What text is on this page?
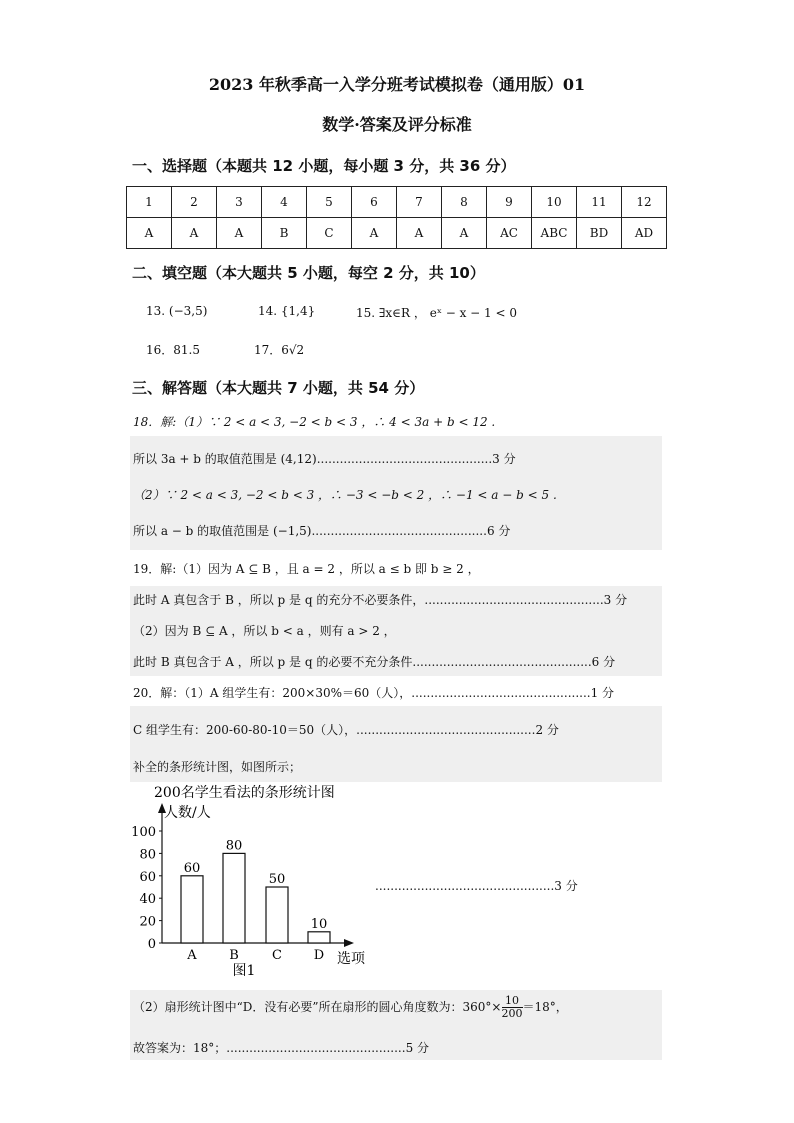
2023 年秋季高一入学分班考试模拟卷（通用版）01
数学·答案及评分标准
一、选择题（本题共 12 小题，每小题 3 分，共 36 分）
1	2	3	4	5	6	7	8	9	10	11	12
A	A	A	B	C	A	A	A	AC	ABC	BD	AD
二、填空题（本大题共 5 小题，每空 2 分，共 10）
13. (−3,5)	14. {1,4}	15. ∃x∈R ， eˣ − x − 1 < 0
16．81.5	17．6√2
三、解答题（本大题共 7 小题，共 54 分）
18．解:（1）∵ 2 < a < 3, −2 < b < 3 ，∴ 4 < 3a + b < 12 .
所以 3a + b 的取值范围是 (4,12)..............................................3 分
（2）∵ 2 < a < 3, −2 < b < 3 ，∴ −3 < −b < 2 ，∴ −1 < a − b < 5 .
所以 a − b 的取值范围是 (−1,5)..............................................6 分
19．解:（1）因为 A ⊆ B ，且 a = 2 ，所以 a ≤ b 即 b ≥ 2 ，
此时 A 真包含于 B ，所以 p 是 q 的充分不必要条件，...............................................3 分
（2）因为 B ⊆ A ，所以 b < a ，则有 a > 2 ，
此时 B 真包含于 A ，所以 p 是 q 的必要不充分条件...............................................6 分
20．解：（1）A 组学生有：200×30%＝60（人），...............................................1 分
C 组学生有：200-60-80-10＝50（人），...............................................2 分
补全的条形统计图，如图所示；
200名学生看法的条形统计图
人数/人
0
20
40
60
80
100
60
A
80
B
50
C
10
D 选项
图1
...............................................3 分
（2）扇形统计图中“D．没有必要”所在扇形的圆心角度数为：$360^\circ\times \frac{10}{200} =18^\circ$，
故答案为：18°；...............................................5 分
